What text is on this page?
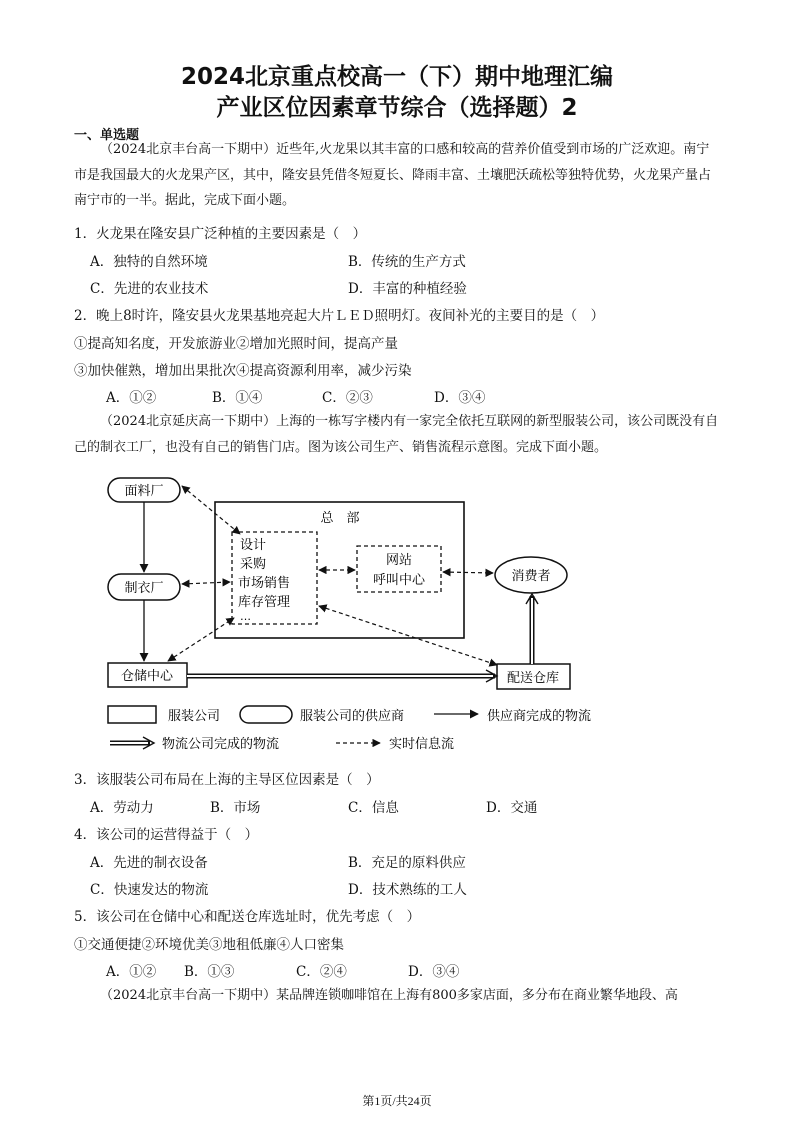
2024北京重点校高一（下）期中地理汇编
产业区位因素章节综合（选择题）2
一、单选题
（2024北京丰台高一下期中）近些年,火龙果以其丰富的口感和较高的营养价值受到市场的广泛欢迎。南宁市是我国最大的火龙果产区，其中，隆安县凭借冬短夏长、降雨丰富、土壤肥沃疏松等独特优势，火龙果产量占南宁市的一半。据此，完成下面小题。
1．火龙果在隆安县广泛种植的主要因素是（　）
A．独特的自然环境	B．传统的生产方式
C．先进的农业技术	D．丰富的种植经验
2．晚上8时许，隆安县火龙果基地亮起大片ＬＥＤ照明灯。夜间补光的主要目的是（　）
①提高知名度，开发旅游业②增加光照时间，提高产量
③加快催熟，增加出果批次④提高资源利用率，减少污染
A．①②	B．①④	C．②③	D．③④
（2024北京延庆高一下期中）上海的一栋写字楼内有一家完全依托互联网的新型服装公司，该公司既没有自己的制衣工厂，也没有自己的销售门店。图为该公司生产、销售流程示意图。完成下面小题。
总　部
设计
采购
市场销售
库存管理
…
网站
呼叫中心
面料厂
制衣厂
消费者
仓储中心	配送仓库
服装公司	服装公司的供应商	供应商完成的物流
物流公司完成的物流	实时信息流
3．该服装公司布局在上海的主导区位因素是（　）
A．劳动力	B．市场	C．信息	D．交通
4．该公司的运营得益于（　）
A．先进的制衣设备	B．充足的原料供应
C．快速发达的物流	D．技术熟练的工人
5．该公司在仓储中心和配送仓库选址时，优先考虑（　）
①交通便捷②环境优美③地租低廉④人口密集
A．①② B．①③	C．②④	D．③④
（2024北京丰台高一下期中）某品牌连锁咖啡馆在上海有800多家店面，多分布在商业繁华地段、高
第1页/共24页
